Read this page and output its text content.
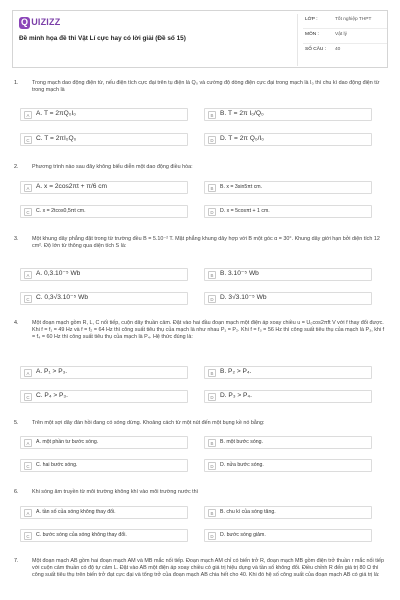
Q UIZIZZ
Đề minh họa đề thi Vật Lí cực hay có lời giải (Đề số 15)
LỚP :	Tốt nghiệp THPT
MÔN :	Vật lý
SỐ CÂU :	40
1.	Trong mạch dao động điện từ, nếu điện tích cực đại trên tụ điện là Q₀ và cường độ dòng điện cực đại trong mạch là I₀ thì chu kì dao động điện từ trong mạch là
A A. T = 2πQ₀I₀	B B. T = 2π I₀/Q₀
C C. T = 2πI₀Q₀	D D. T = 2π Q₀/I₀
2.	Phương trình nào sau đây không biểu diễn một dao động điều hòa:
A A. x = 2cos2πt + π/6 cm	B	B. x = 3sin5πt cm.
C	C. x = 2tcos0,5πt cm.	D	D. x = 5cosπt + 1 cm.
3.	Một khung dây phẳng đặt trong từ trường đều B = 5.10⁻² T. Mặt phẳng khung dây hợp với B một góc α = 30°. Khung dây giới hạn bởi diện tích 12 cm². Độ lớn từ thông qua diện tích S là:
A A. 0,3.10⁻⁵ Wb	B B. 3.10⁻⁵ Wb
C C. 0,3√3.10⁻⁵ Wb	D D. 3√3.10⁻⁵ Wb
4.	Một đoạn mạch gồm R, L, C nối tiếp, cuộn dây thuần cảm. Đặt vào hai đầu đoạn mạch một điện áp xoay chiều u = U₀cos2πft V với f thay đổi được. Khi f = f₁ = 49 Hz và f = f₂ = 64 Hz thì công suất tiêu thụ của mạch là như nhau P₁ = P₂. Khi f = f₃ = 56 Hz thì công suất tiêu thụ của mạch là P₃, khi f = f₄ = 60 Hz thì công suất tiêu thụ của mạch là P₄. Hệ thức đúng là:
A A. P₁ > P₃.	B B. P₂ > P₄.
C C. P₄ > P₃.	D D. P₃ > P₄.
5.	Trên một sợi dây đàn hồi đang có sóng dừng. Khoảng cách từ một nút đến một bụng kề nó bằng:
A	A. một phần tư bước sóng.	B	B. một bước sóng.
C	C. hai bước sóng.	D	D. nửa bước sóng.
6.	Khi sóng âm truyền từ môi trường không khí vào môi trường nước thì
A	A. tần số của sóng không thay đổi.	B	B. chu kì của sóng tăng.
C	C. bước sóng của sóng không thay đổi.	D	D. bước sóng giảm.
7.	Một đoạn mạch AB gồm hai đoạn mạch AM và MB mắc nối tiếp. Đoạn mạch AM chỉ có biến trở R, đoạn mạch MB gồm điện trở thuần r mắc nối tiếp với cuộn cảm thuần có độ tự cảm L. Đặt vào AB một điện áp xoay chiều có giá trị hiệu dụng và tần số không đổi. Điều chỉnh R đến giá trị 80 Ω thì công suất tiêu thụ trên biến trở đạt cực đại và tổng trở của đoạn mạch AB chia hết cho 40. Khi đó hệ số công suất của đoạn mạch AB có giá trị là:
